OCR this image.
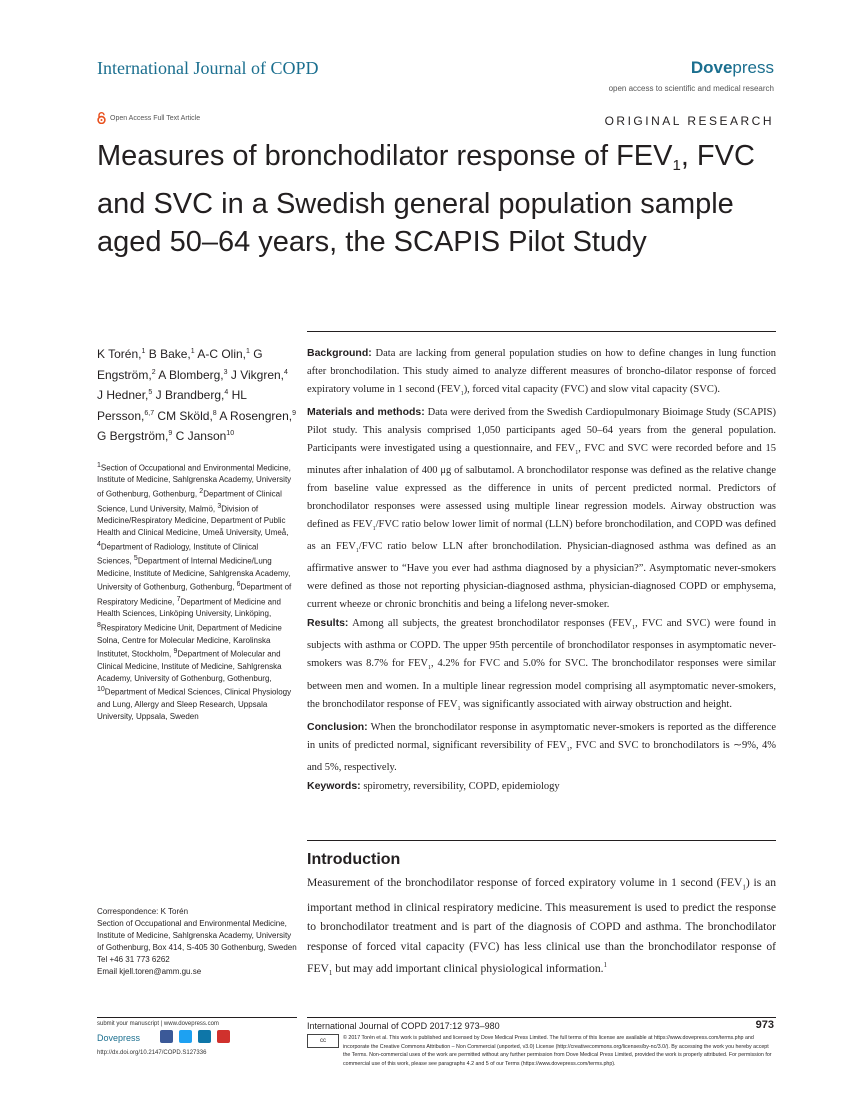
International Journal of COPD	Dovepress
open access to scientific and medical research
Open Access Full Text Article	ORIGINAL RESEARCH
Measures of bronchodilator response of $FEV_1$, FVC and SVC in a Swedish general population sample aged 50–64 years, the SCAPIS Pilot Study
K Torén,$^1$ B Bake,$^1$ A-C Olin,$^1$ G Engström,$^2$ A Blomberg,$^3$ J Vikgren,$^4$ J Hedner,$^5$ J Brandberg,$^4$ HL Persson,$^{6,7}$ CM Sköld,$^8$ A Rosengren,$^9$ G Bergström,$^9$ C Janson$^{10}$
$^1$Section of Occupational and Environmental Medicine, Institute of Medicine, Sahlgrenska Academy, University of Gothenburg, Gothenburg, $^2$Department of Clinical Science, Lund University, Malmö, $^3$Division of Medicine/Respiratory Medicine, Department of Public Health and Clinical Medicine, Umeå University, Umeå, $^4$Department of Radiology, Institute of Clinical Sciences, $^5$Department of Internal Medicine/Lung Medicine, Institute of Medicine, Sahlgrenska Academy, University of Gothenburg, Gothenburg, $^6$Department of Respiratory Medicine, $^7$Department of Medicine and Health Sciences, Linköping University, Linköping, $^8$Respiratory Medicine Unit, Department of Medicine Solna, Centre for Molecular Medicine, Karolinska Institutet, Stockholm, $^9$Department of Molecular and Clinical Medicine, Institute of Medicine, Sahlgrenska Academy, University of Gothenburg, Gothenburg, $^{10}$Department of Medical Sciences, Clinical Physiology and Lung, Allergy and Sleep Research, Uppsala University, Uppsala, Sweden
Correspondence: K Torén
Section of Occupational and Environmental Medicine, Institute of Medicine, Sahlgrenska Academy, University of Gothenburg, Box 414, S-405 30 Gothenburg, Sweden
Tel +46 31 773 6262
Email kjell.toren@amm.gu.se

Background: Data are lacking from general population studies on how to define changes in lung function after bronchodilation. This study aimed to analyze different measures of broncho-dilator response of forced expiratory volume in 1 second $(FEV_1)$, forced vital capacity (FVC) and slow vital capacity (SVC).

Materials and methods: Data were derived from the Swedish Cardiopulmonary Bioimage Study (SCAPIS) Pilot study. This analysis comprised 1,050 participants aged 50–64 years from the general population. Participants were investigated using a questionnaire, and $FEV_1$, FVC and SVC were recorded before and 15 minutes after inhalation of 400 μg of salbutamol. A bronchodilator response was defined as the relative change from baseline value expressed as the difference in units of percent predicted normal. Predictors of bronchodilator responses were assessed using multiple linear regression models. Airway obstruction was defined as $FEV_1$/FVC ratio below lower limit of normal (LLN) before bronchodilation, and COPD was defined as an $FEV_1$/FVC ratio below LLN after bronchodilation. Physician-diagnosed asthma was defined as an affirmative answer to “Have you ever had asthma diagnosed by a physician?”. Asymptomatic never-smokers were defined as those not reporting physician-diagnosed asthma, physician-diagnosed COPD or emphysema, current wheeze or chronic bronchitis and being a lifelong never-smoker.

Results: Among all subjects, the greatest bronchodilator responses ($FEV_1$, FVC and SVC) were found in subjects with asthma or COPD. The upper 95th percentile of bronchodilator responses in asymptomatic never-smokers was 8.7% for $FEV_1$, 4.2% for FVC and 5.0% for SVC. The bronchodilator responses were similar between men and women. In a multiple linear regression model comprising all asymptomatic never-smokers, the bronchodilator response of $FEV_1$ was significantly associated with airway obstruction and height.

Conclusion: When the bronchodilator response in asymptomatic never-smokers is reported as the difference in units of predicted normal, significant reversibility of $FEV_1$, FVC and SVC to bronchodilators is ∼9%, 4% and 5%, respectively.

Keywords: spirometry, reversibility, COPD, epidemiology

Introduction

Measurement of the bronchodilator response of forced expiratory volume in 1 second $(FEV_1)$ is an important method in clinical respiratory medicine. This measurement is used to predict the response to bronchodilator treatment and is part of the diagnosis of COPD and asthma. The bronchodilator response of forced vital capacity (FVC) has less clinical use than the bronchodilator response of $FEV_1$ but may add important clinical physiological information.$^1$

submit your manuscript | www.dovepress.com
Dovepress
http://dx.doi.org/10.2147/COPD.S127336
International Journal of COPD 2017:12 973–980	973
cc	© 2017 Torén et al. This work is published and licensed by Dove Medical Press Limited. The full terms of this license are available at https://www.dovepress.com/terms.php and incorporate the Creative Commons Attribution – Non Commercial (unported, v3.0) License (http://creativecommons.org/licenses/by-nc/3.0/). By accessing the work you hereby accept the Terms. Non-commercial uses of the work are permitted without any further permission from Dove Medical Press Limited, provided the work is properly attributed. For permission for commercial use of this work, please see paragraphs 4.2 and 5 of our Terms (https://www.dovepress.com/terms.php).
